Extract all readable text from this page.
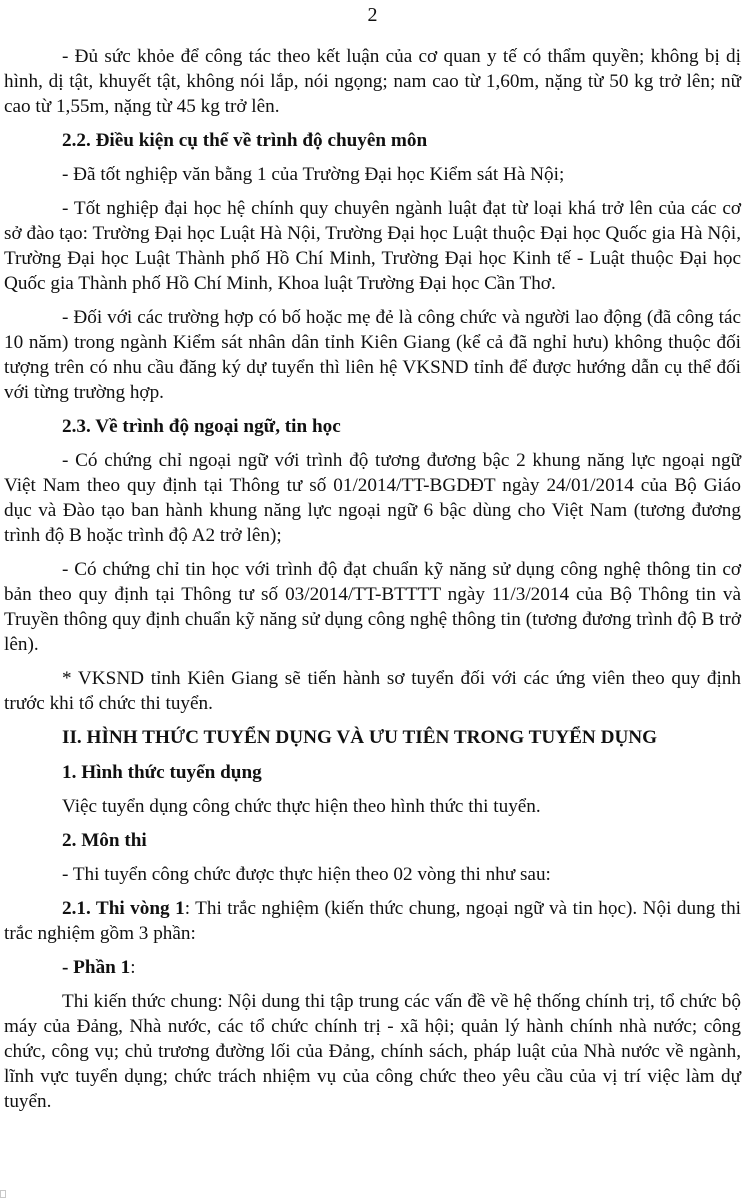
2

- Đủ sức khỏe để công tác theo kết luận của cơ quan y tế có thẩm quyền; không bị dị hình, dị tật, khuyết tật, không nói lắp, nói ngọng; nam cao từ 1,60m, nặng từ 50 kg trở lên; nữ cao từ 1,55m, nặng từ 45 kg trở lên.

2.2. Điều kiện cụ thể về trình độ chuyên môn

- Đã tốt nghiệp văn bằng 1 của Trường Đại học Kiểm sát Hà Nội;

- Tốt nghiệp đại học hệ chính quy chuyên ngành luật đạt từ loại khá trở lên của các cơ sở đào tạo: Trường Đại học Luật Hà Nội, Trường Đại học Luật thuộc Đại học Quốc gia Hà Nội, Trường Đại học Luật Thành phố Hồ Chí Minh, Trường Đại học Kinh tế - Luật thuộc Đại học Quốc gia Thành phố Hồ Chí Minh, Khoa luật Trường Đại học Cần Thơ.

- Đối với các trường hợp có bố hoặc mẹ đẻ là công chức và người lao động (đã công tác 10 năm) trong ngành Kiểm sát nhân dân tỉnh Kiên Giang (kể cả đã nghỉ hưu) không thuộc đối tượng trên có nhu cầu đăng ký dự tuyển thì liên hệ VKSND tỉnh để được hướng dẫn cụ thể đối với từng trường hợp.

2.3. Về trình độ ngoại ngữ, tin học

- Có chứng chỉ ngoại ngữ với trình độ tương đương bậc 2 khung năng lực ngoại ngữ Việt Nam theo quy định tại Thông tư số 01/2014/TT-BGDĐT ngày 24/01/2014 của Bộ Giáo dục và Đào tạo ban hành khung năng lực ngoại ngữ 6 bậc dùng cho Việt Nam (tương đương trình độ B hoặc trình độ A2 trở lên);

- Có chứng chỉ tin học với trình độ đạt chuẩn kỹ năng sử dụng công nghệ thông tin cơ bản theo quy định tại Thông tư số 03/2014/TT-BTTTT ngày 11/3/2014 của Bộ Thông tin và Truyền thông quy định chuẩn kỹ năng sử dụng công nghệ thông tin (tương đương trình độ B trở lên).

* VKSND tỉnh Kiên Giang sẽ tiến hành sơ tuyển đối với các ứng viên theo quy định trước khi tổ chức thi tuyển.

II. HÌNH THỨC TUYỂN DỤNG VÀ ƯU TIÊN TRONG TUYỂN DỤNG

1. Hình thức tuyển dụng

Việc tuyển dụng công chức thực hiện theo hình thức thi tuyển.

2. Môn thi

- Thi tuyển công chức được thực hiện theo 02 vòng thi như sau:

2.1. Thi vòng 1: Thi trắc nghiệm (kiến thức chung, ngoại ngữ và tin học). Nội dung thi trắc nghiệm gồm 3 phần:

- Phần 1:

Thi kiến thức chung: Nội dung thi tập trung các vấn đề về hệ thống chính trị, tổ chức bộ máy của Đảng, Nhà nước, các tổ chức chính trị - xã hội; quản lý hành chính nhà nước; công chức, công vụ; chủ trương đường lối của Đảng, chính sách, pháp luật của Nhà nước về ngành, lĩnh vực tuyển dụng; chức trách nhiệm vụ của công chức theo yêu cầu của vị trí việc làm dự tuyển.
